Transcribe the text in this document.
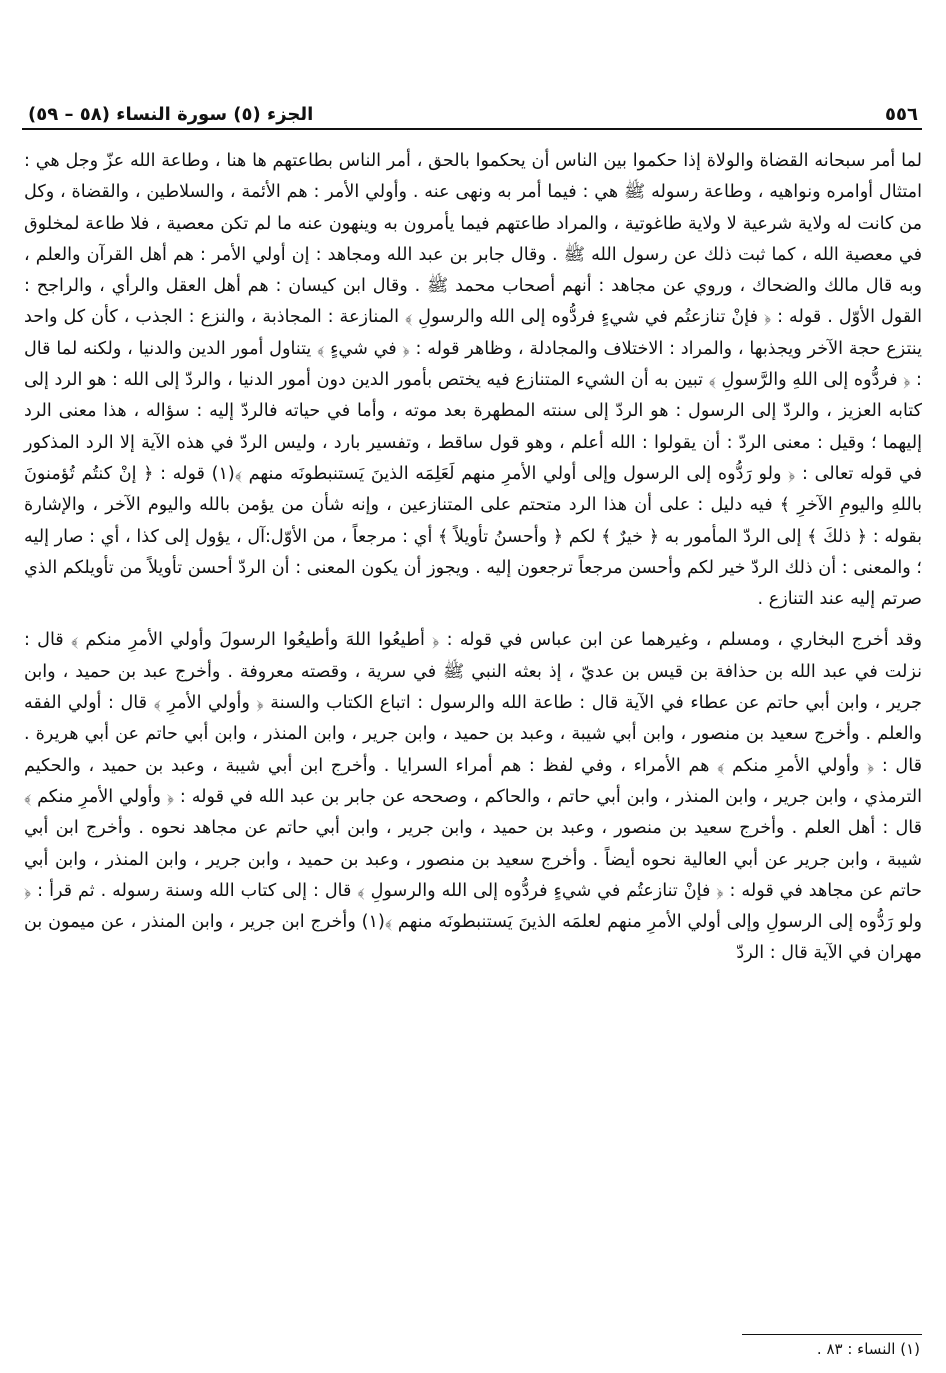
٥٥٦
الجزء (٥) سورة النساء (٥٨ – ٥٩)

لما أمر سبحانه القضاة والولاة إذا حكموا بين الناس أن يحكموا بالحق ، أمر الناس بطاعتهم ها هنا ، وطاعة الله عزّ وجل هي : امتثال أوامره ونواهيه ، وطاعة رسوله ﷺ هي : فيما أمر به ونهى عنه . وأولي الأمر : هم الأئمة ، والسلاطين ، والقضاة ، وكل من كانت له ولاية شرعية لا ولاية طاغوتية ، والمراد طاعتهم فيما يأمرون به وينهون عنه ما لم تكن معصية ، فلا طاعة لمخلوق في معصية الله ، كما ثبت ذلك عن رسول الله ﷺ . وقال جابر بن عبد الله ومجاهد : إن أولي الأمر : هم أهل القرآن والعلم ، وبه قال مالك والضحاك ، وروي عن مجاهد : أنهم أصحاب محمد ﷺ . وقال ابن كيسان : هم أهل العقل والرأي ، والراجح : القول الأوّل . قوله : ﴿ فإنْ تنازعتُم في شيءٍ فردُّوه إلى الله والرسولِ ﴾ المنازعة : المجاذبة ، والنزع : الجذب ، كأن كل واحد ينتزع حجة الآخر ويجذبها ، والمراد : الاختلاف والمجادلة ، وظاهر قوله : ﴿ في شيءٍ ﴾ يتناول أمور الدين والدنيا ، ولكنه لما قال : ﴿ فردُّوه إلى اللهِ والرَّسولِ ﴾ تبين به أن الشيء المتنازع فيه يختص بأمور الدين دون أمور الدنيا ، والردّ إلى الله : هو الرد إلى كتابه العزيز ، والردّ إلى الرسول : هو الردّ إلى سنته المطهرة بعد موته ، وأما في حياته فالردّ إليه : سؤاله ، هذا معنى الرد إليهما ؛ وقيل : معنى الردّ : أن يقولوا : الله أعلم ، وهو قول ساقط ، وتفسير بارد ، وليس الردّ في هذه الآية إلا الرد المذكور في قوله تعالى : ﴿ ولو رَدُّوه إلى الرسول وإلى أولي الأمرِ منهم لَعَلِمَه الذينَ يَستنبطونَه منهم ﴾(١) قوله : ﴿ إنْ كنتُم تُؤمنونَ باللهِ واليومِ الآخرِ ﴾ فيه دليل : على أن هذا الرد متحتم على المتنازعين ، وإنه شأن من يؤمن بالله واليوم الآخر ، والإشارة بقوله : ﴿ ذلكَ ﴾ إلى الردّ المأمور به ﴿ خيرٌ ﴾ لكم ﴿ وأحسنُ تأويلاً ﴾ أي : مرجعاً ، من الأوّل:آل ، يؤول إلى كذا ، أي : صار إليه ؛ والمعنى : أن ذلك الردّ خير لكم وأحسن مرجعاً ترجعون إليه . ويجوز أن يكون المعنى : أن الردّ أحسن تأويلاً من تأويلكم الذي صرتم إليه عند التنازع .

وقد أخرج البخاري ، ومسلم ، وغيرهما عن ابن عباس في قوله : ﴿ أطيعُوا اللهَ وأطيعُوا الرسولَ وأولي الأمرِ منكم ﴾ قال : نزلت في عبد الله بن حذافة بن قيس بن عديّ ، إذ بعثه النبي ﷺ في سرية ، وقصته معروفة . وأخرج عبد بن حميد ، وابن جرير ، وابن أبي حاتم عن عطاء في الآية قال : طاعة الله والرسول : اتباع الكتاب والسنة ﴿ وأولي الأمرِ ﴾ قال : أولي الفقه والعلم . وأخرج سعيد بن منصور ، وابن أبي شيبة ، وعبد بن حميد ، وابن جرير ، وابن المنذر ، وابن أبي حاتم عن أبي هريرة . قال : ﴿ وأولي الأمرِ منكم ﴾ هم الأمراء ، وفي لفظ : هم أمراء السرايا . وأخرج ابن أبي شيبة ، وعبد بن حميد ، والحكيم الترمذي ، وابن جرير ، وابن المنذر ، وابن أبي حاتم ، والحاكم ، وصححه عن جابر بن عبد الله في قوله : ﴿ وأولي الأمرِ منكم ﴾ قال : أهل العلم . وأخرج سعيد بن منصور ، وعبد بن حميد ، وابن جرير ، وابن أبي حاتم عن مجاهد نحوه . وأخرج ابن أبي شيبة ، وابن جرير عن أبي العالية نحوه أيضاً . وأخرج سعيد بن منصور ، وعبد بن حميد ، وابن جرير ، وابن المنذر ، وابن أبي حاتم عن مجاهد في قوله : ﴿ فإنْ تنازعتُم في شيءٍ فردُّوه إلى الله والرسولِ ﴾ قال : إلى كتاب الله وسنة رسوله . ثم قرأ : ﴿ ولو رَدُّوه إلى الرسولِ وإلى أولي الأمرِ منهم لعلمَه الذينَ يَستنبطونَه منهم ﴾(١) وأخرج ابن جرير ، وابن المنذر ، عن ميمون بن مهران في الآية قال : الردّ

(١) النساء : ٨٣ .
